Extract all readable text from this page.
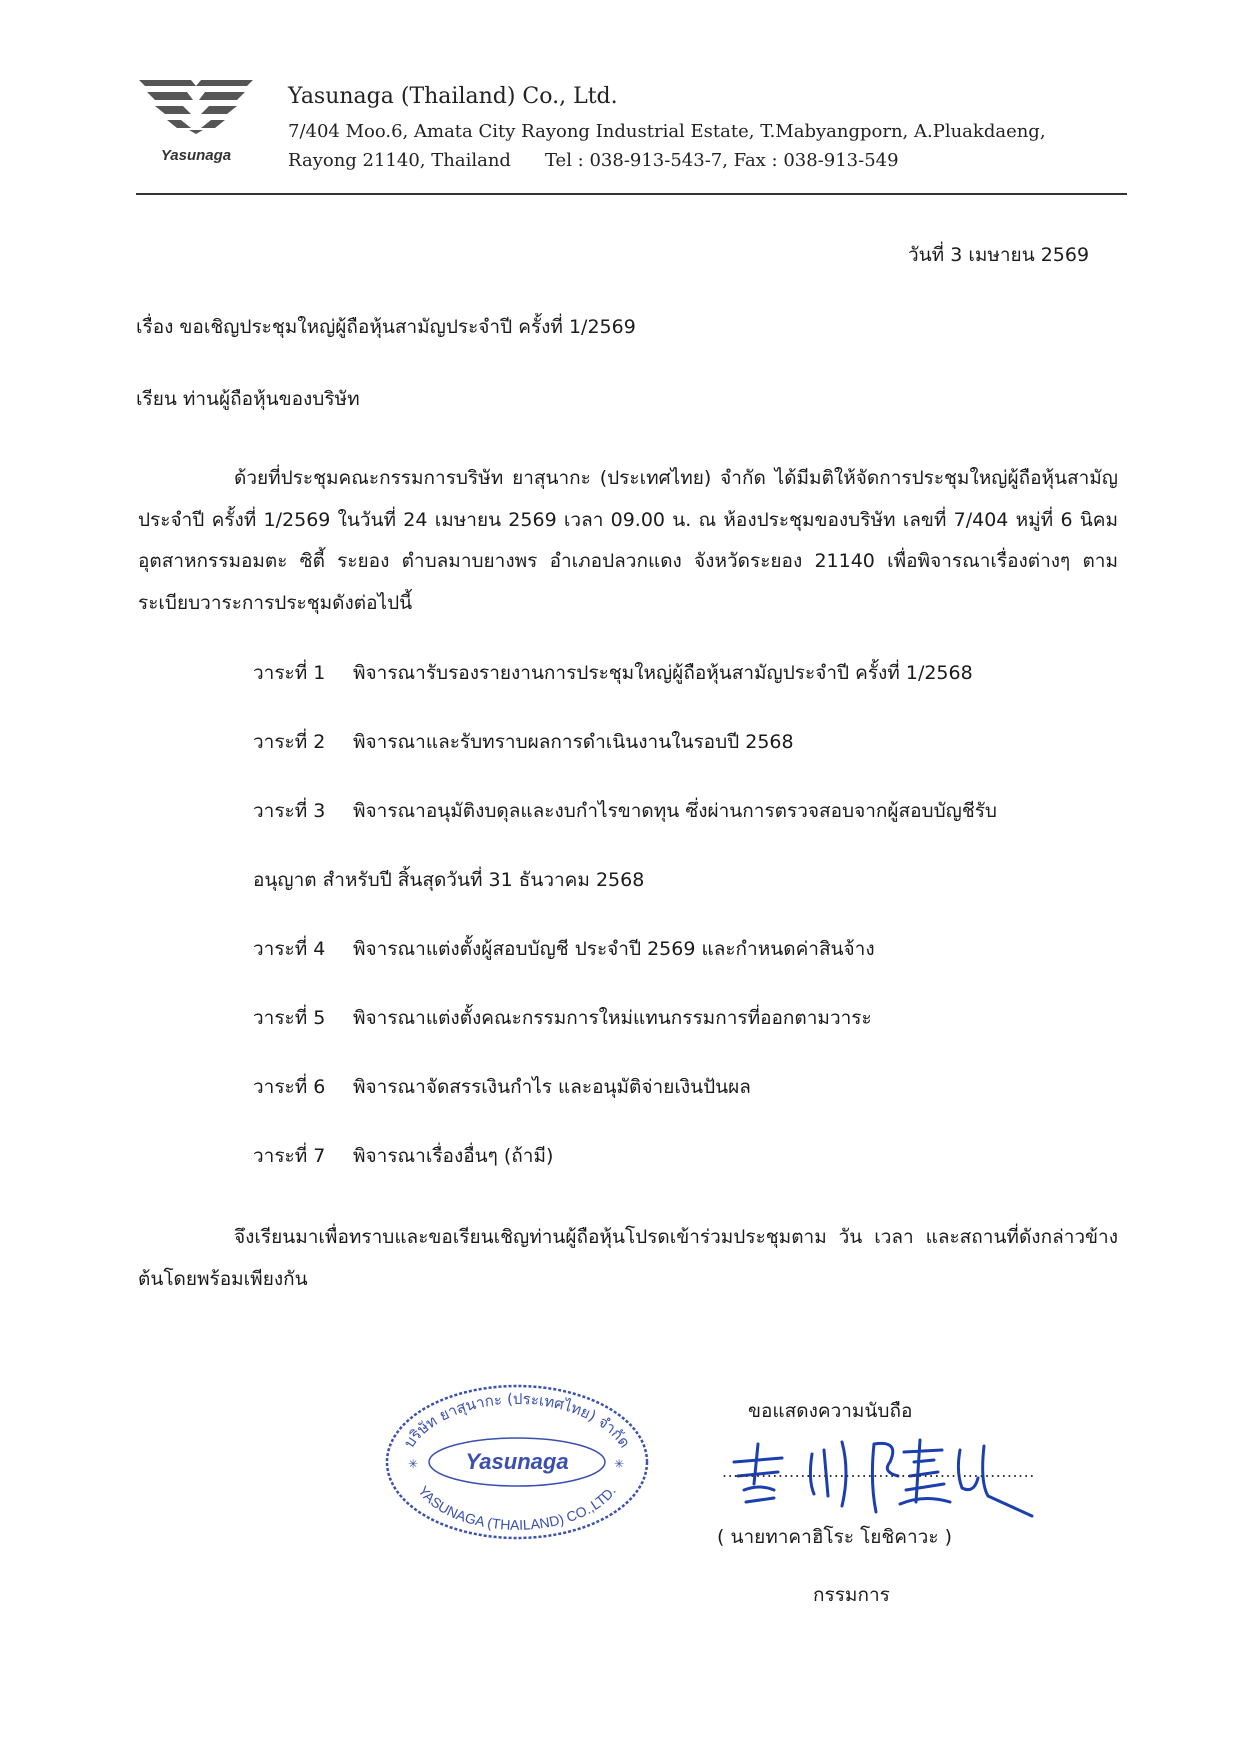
Yasunaga
Yasunaga (Thailand) Co., Ltd.
7/404 Moo.6, Amata City Rayong Industrial Estate, T.Mabyangporn, A.Pluakdaeng,
Rayong 21140, Thailand Tel : 038-913-543-7, Fax : 038-913-549
วันที่ 3 เมษายน 2569
เรื่อง ขอเชิญประชุมใหญ่ผู้ถือหุ้นสามัญประจำปี ครั้งที่ 1/2569
เรียน ท่านผู้ถือหุ้นของบริษัท
ด้วยที่ประชุมคณะกรรมการบริษัท ยาสุนากะ (ประเทศไทย) จำกัด ได้มีมติให้จัดการประชุมใหญ่ผู้ถือหุ้นสามัญประจำปี ครั้งที่ 1/2569 ในวันที่ 24 เมษายน 2569 เวลา 09.00 น. ณ ห้องประชุมของบริษัท เลขที่ 7/404 หมู่ที่ 6 นิคมอุตสาหกรรมอมตะ ซิตี้ ระยอง ตำบลมาบยางพร อำเภอปลวกแดง จังหวัดระยอง 21140 เพื่อพิจารณาเรื่องต่างๆ ตามระเบียบวาระการประชุมดังต่อไปนี้
วาระที่ 1 พิจารณารับรองรายงานการประชุมใหญ่ผู้ถือหุ้นสามัญประจำปี ครั้งที่ 1/2568
วาระที่ 2 พิจารณาและรับทราบผลการดำเนินงานในรอบปี 2568
วาระที่ 3 พิจารณาอนุมัติงบดุลและงบกำไรขาดทุน ซึ่งผ่านการตรวจสอบจากผู้สอบบัญชีรับ
อนุญาต สำหรับปี สิ้นสุดวันที่ 31 ธันวาคม 2568
วาระที่ 4 พิจารณาแต่งตั้งผู้สอบบัญชี ประจำปี 2569 และกำหนดค่าสินจ้าง
วาระที่ 5 พิจารณาแต่งตั้งคณะกรรมการใหม่แทนกรรมการที่ออกตามวาระ
วาระที่ 6 พิจารณาจัดสรรเงินกำไร และอนุมัติจ่ายเงินปันผล
วาระที่ 7 พิจารณาเรื่องอื่นๆ (ถ้ามี)
จึงเรียนมาเพื่อทราบและขอเรียนเชิญท่านผู้ถือหุ้นโปรดเข้าร่วมประชุมตาม วัน เวลา และสถานที่ดังกล่าวข้างต้นโดยพร้อมเพียงกัน
บริษัท ยาสุนากะ (ประเทศไทย) จำกัด
Yasunaga
YASUNAGA (THAILAND) CO.,LTD.
✳	✳
ขอแสดงความนับถือ
........................................................
( นายทาคาฮิโระ โยชิคาวะ )
กรรมการ
